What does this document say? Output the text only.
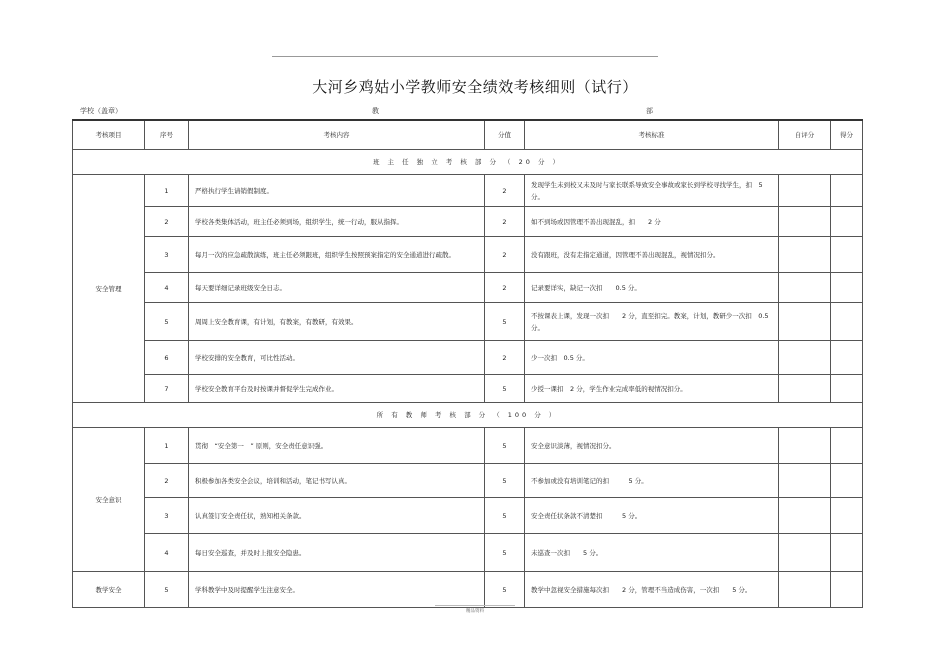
大河乡鸡姑小学教师安全绩效考核细则（试行）
学校（盖章）	教	部
考核项目	序号	考核内容	分值	考核标准	自评分	得分
班 主 任 独 立 考 核 部 分 （ 20 分 ）						
安全管理	1	严格执行学生请销假制度。	2	发现学生未到校又未及时与家长联系导致安全事故或家长到学校寻找学生，扣　5 分。		
	2	学校各类集体活动，班主任必须到场，组织学生，统一行动，服从指挥。	2	如不到场或因管理不善出现混乱，扣　　2 分		
	3	每月一次的应急疏散演练，班主任必须跟班，组织学生按照预案指定的安全通道进行疏散。	2	没有跟班，没有走指定通道，因管理不善出现混乱，视情况扣分。		
	4	每天要详细记录班级安全日志。	2	记录要详实，缺记一次扣　　0.5 分。		
	5	周周上安全教育课，有计划，有教案，有教研，有效果。	5	不按课表上课，发现一次扣　　2 分，直至扣完。教案，计划，教研少一次扣　0.5 分。		
	6	学校安排的安全教育，可比性活动。	2	少一次扣　0.5 分。		
	7	学校安全教育平台及时按课并督促学生完成作业。	5	少授一课扣　2 分，学生作业完成率低的视情况扣分。		
所 有 教 师 考 核 部 分 （ 100 分 ）						
安全意识	1	贯彻　“安全第一　” 原则，安全责任意识强。	5	安全意识淡薄，视情况扣分。		
	2	积极参加各类安全会议，培训和活动，笔记书写认真。	5	不参加或没有培训笔记的扣　　　5 分。		
	3	认真签订安全责任状，熟知相关条款。	5	安全责任状条款不清楚扣　　　5 分。		
	4	每日安全巡查，并及时上报安全隐患。	5	未巡查一次扣　　5 分。		
教学安全	5	学科教学中及时提醒学生注意安全。	5	教学中忽视安全措施每次扣　　2 分，管理不当造成伤害，一次扣　　5 分。		
精品资料
